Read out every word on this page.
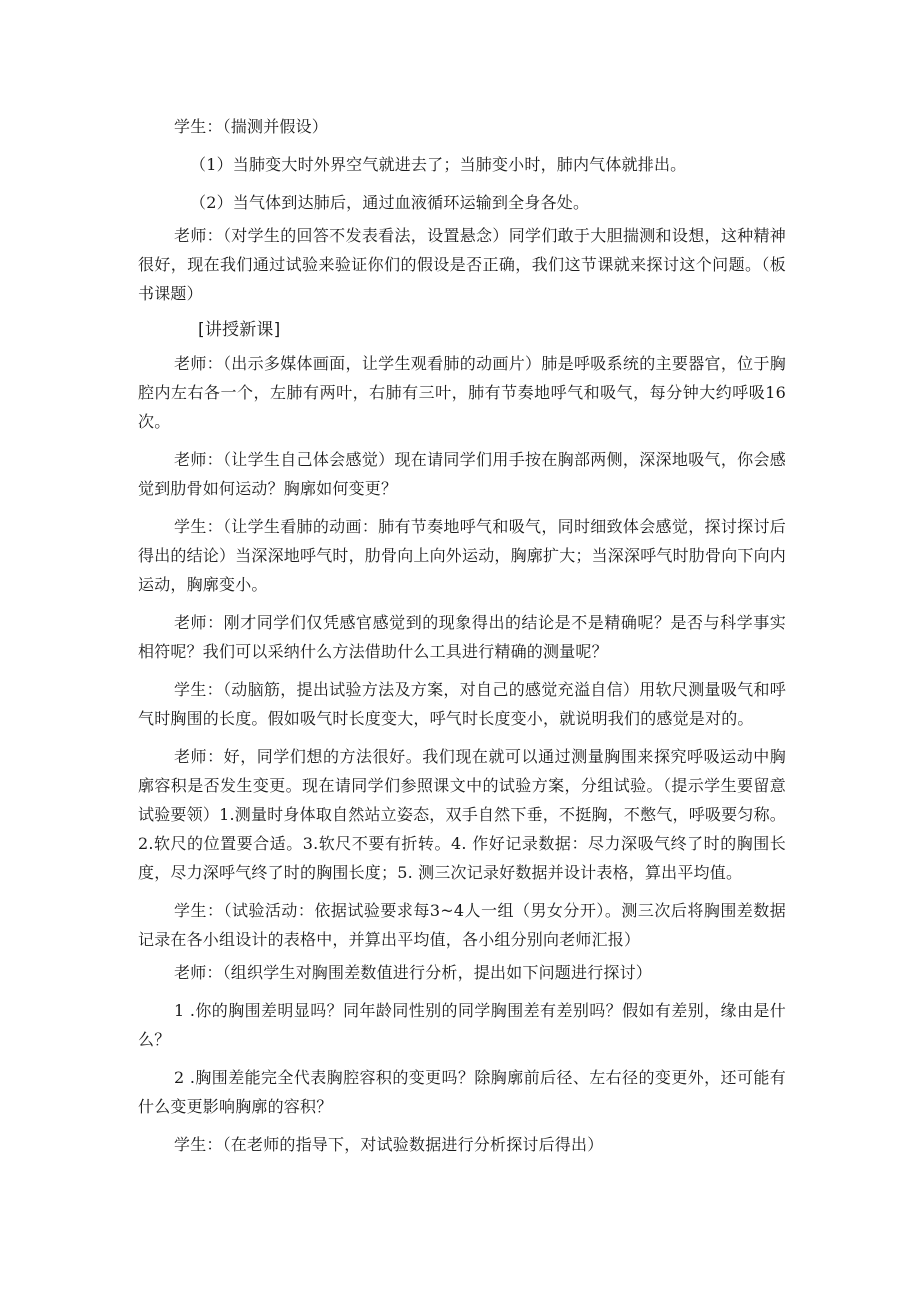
学生：（揣测并假设）

（1）当肺变大时外界空气就进去了；当肺变小时，肺内气体就排出。

（2）当气体到达肺后，通过血液循环运输到全身各处。

老师：（对学生的回答不发表看法，设置悬念）同学们敢于大胆揣测和设想，这种精神很好，现在我们通过试验来验证你们的假设是否正确，我们这节课就来探讨这个问题。（板书课题）

[讲授新课]

老师：（出示多媒体画面，让学生观看肺的动画片）肺是呼吸系统的主要器官，位于胸腔内左右各一个，左肺有两叶，右肺有三叶，肺有节奏地呼气和吸气，每分钟大约呼吸16次。

老师：（让学生自己体会感觉）现在请同学们用手按在胸部两侧，深深地吸气，你会感觉到肋骨如何运动？胸廓如何变更？

学生：（让学生看肺的动画：肺有节奏地呼气和吸气，同时细致体会感觉，探讨探讨后得出的结论）当深深地呼气时，肋骨向上向外运动，胸廓扩大；当深深呼气时肋骨向下向内运动，胸廓变小。

老师：刚才同学们仅凭感官感觉到的现象得出的结论是不是精确呢？是否与科学事实相符呢？我们可以采纳什么方法借助什么工具进行精确的测量呢？

学生：（动脑筋，提出试验方法及方案，对自己的感觉充溢自信）用软尺测量吸气和呼气时胸围的长度。假如吸气时长度变大，呼气时长度变小，就说明我们的感觉是对的。

老师：好，同学们想的方法很好。我们现在就可以通过测量胸围来探究呼吸运动中胸廓容积是否发生变更。现在请同学们参照课文中的试验方案，分组试验。（提示学生要留意试验要领）1.测量时身体取自然站立姿态，双手自然下垂，不挺胸，不憋气，呼吸要匀称。2.软尺的位置要合适。3.软尺不要有折转。4. 作好记录数据：尽力深吸气终了时的胸围长度，尽力深呼气终了时的胸围长度；5. 测三次记录好数据并设计表格，算出平均值。

学生：（试验活动：依据试验要求每3~4人一组（男女分开）。测三次后将胸围差数据记录在各小组设计的表格中，并算出平均值，各小组分别向老师汇报）

老师：（组织学生对胸围差数值进行分析，提出如下问题进行探讨）

1 .你的胸围差明显吗？同年龄同性别的同学胸围差有差别吗？假如有差别，缘由是什么？

2 .胸围差能完全代表胸腔容积的变更吗？除胸廓前后径、左右径的变更外，还可能有什么变更影响胸廓的容积？

学生：（在老师的指导下，对试验数据进行分析探讨后得出）
